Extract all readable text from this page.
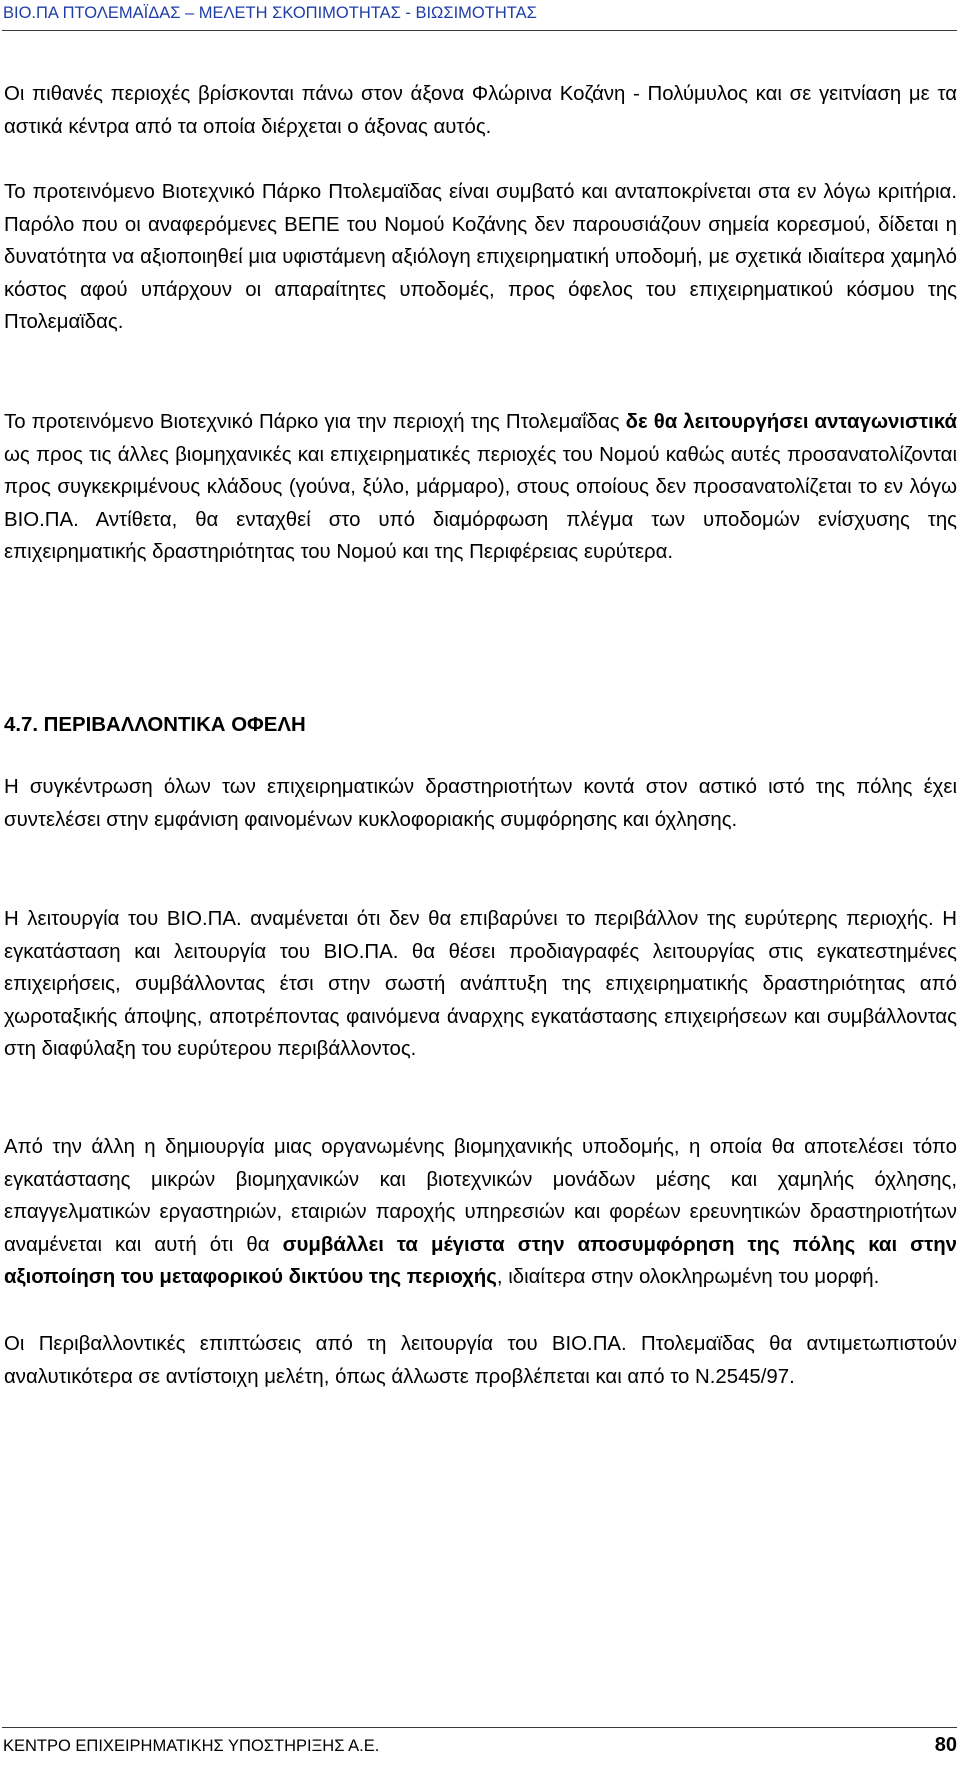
ΒΙΟ.ΠΑ ΠΤΟΛΕΜΑΪΔΑΣ – ΜΕΛΕΤΗ ΣΚΟΠΙΜΟΤΗΤΑΣ - ΒΙΩΣΙΜΟΤΗΤΑΣ
Οι πιθανές περιοχές βρίσκονται πάνω στον άξονα Φλώρινα Κοζάνη - Πολύμυλος και σε γειτνίαση με τα αστικά κέντρα από τα οποία διέρχεται ο άξονας αυτός.
Το προτεινόμενο Βιοτεχνικό Πάρκο Πτολεμαϊδας είναι συμβατό και ανταποκρίνεται στα εν λόγω κριτήρια. Παρόλο που οι αναφερόμενες ΒΕΠΕ του Νομού Κοζάνης δεν παρουσιάζουν σημεία κορεσμού, δίδεται η δυνατότητα να αξιοποιηθεί μια υφιστάμενη αξιόλογη επιχειρηματική υποδομή, με σχετικά ιδιαίτερα χαμηλό κόστος αφού υπάρχουν οι απαραίτητες υποδομές, προς όφελος του επιχειρηματικού κόσμου της Πτολεμαϊδας.
Το προτεινόμενο Βιοτεχνικό Πάρκο για την περιοχή της Πτολεμαΐδας δε θα λειτουργήσει ανταγωνιστικά ως προς τις άλλες βιομηχανικές και επιχειρηματικές περιοχές του Νομού καθώς αυτές προσανατολίζονται προς συγκεκριμένους κλάδους (γούνα, ξύλο, μάρμαρο), στους οποίους δεν προσανατολίζεται το εν λόγω ΒΙΟ.ΠΑ. Αντίθετα, θα ενταχθεί στο υπό διαμόρφωση πλέγμα των υποδομών ενίσχυσης της επιχειρηματικής δραστηριότητας του Νομού και της Περιφέρειας ευρύτερα.
4.7. ΠΕΡΙΒΑΛΛΟΝΤΙΚΑ ΟΦΕΛΗ
Η συγκέντρωση όλων των επιχειρηματικών δραστηριοτήτων κοντά στον αστικό ιστό της πόλης έχει συντελέσει στην εμφάνιση φαινομένων κυκλοφοριακής συμφόρησης και όχλησης.
Η λειτουργία του ΒΙΟ.ΠΑ. αναμένεται ότι δεν θα επιβαρύνει το περιβάλλον της ευρύτερης περιοχής. Η εγκατάσταση και λειτουργία του ΒΙΟ.ΠΑ. θα θέσει προδιαγραφές λειτουργίας στις εγκατεστημένες επιχειρήσεις, συμβάλλοντας έτσι στην σωστή ανάπτυξη της επιχειρηματικής δραστηριότητας από χωροταξικής άποψης, αποτρέποντας φαινόμενα άναρχης εγκατάστασης επιχειρήσεων και συμβάλλοντας στη διαφύλαξη του ευρύτερου περιβάλλοντος.
Από την άλλη η δημιουργία μιας οργανωμένης βιομηχανικής υποδομής, η οποία θα αποτελέσει τόπο εγκατάστασης μικρών βιομηχανικών και βιοτεχνικών μονάδων μέσης και χαμηλής όχλησης, επαγγελματικών εργαστηριών, εταιριών παροχής υπηρεσιών και φορέων ερευνητικών δραστηριοτήτων αναμένεται και αυτή ότι θα συμβάλλει τα μέγιστα στην αποσυμφόρηση της πόλης και στην αξιοποίηση του μεταφορικού δικτύου της περιοχής, ιδιαίτερα στην ολοκληρωμένη του μορφή.
Οι Περιβαλλοντικές επιπτώσεις από τη λειτουργία του ΒΙΟ.ΠΑ. Πτολεμαϊδας θα αντιμετωπιστούν αναλυτικότερα σε αντίστοιχη μελέτη, όπως άλλωστε προβλέπεται και από το Ν.2545/97.
ΚΕΝΤΡΟ ΕΠΙΧΕΙΡΗΜΑΤΙΚΗΣ ΥΠΟΣΤΗΡΙΞΗΣ Α.Ε.	80
